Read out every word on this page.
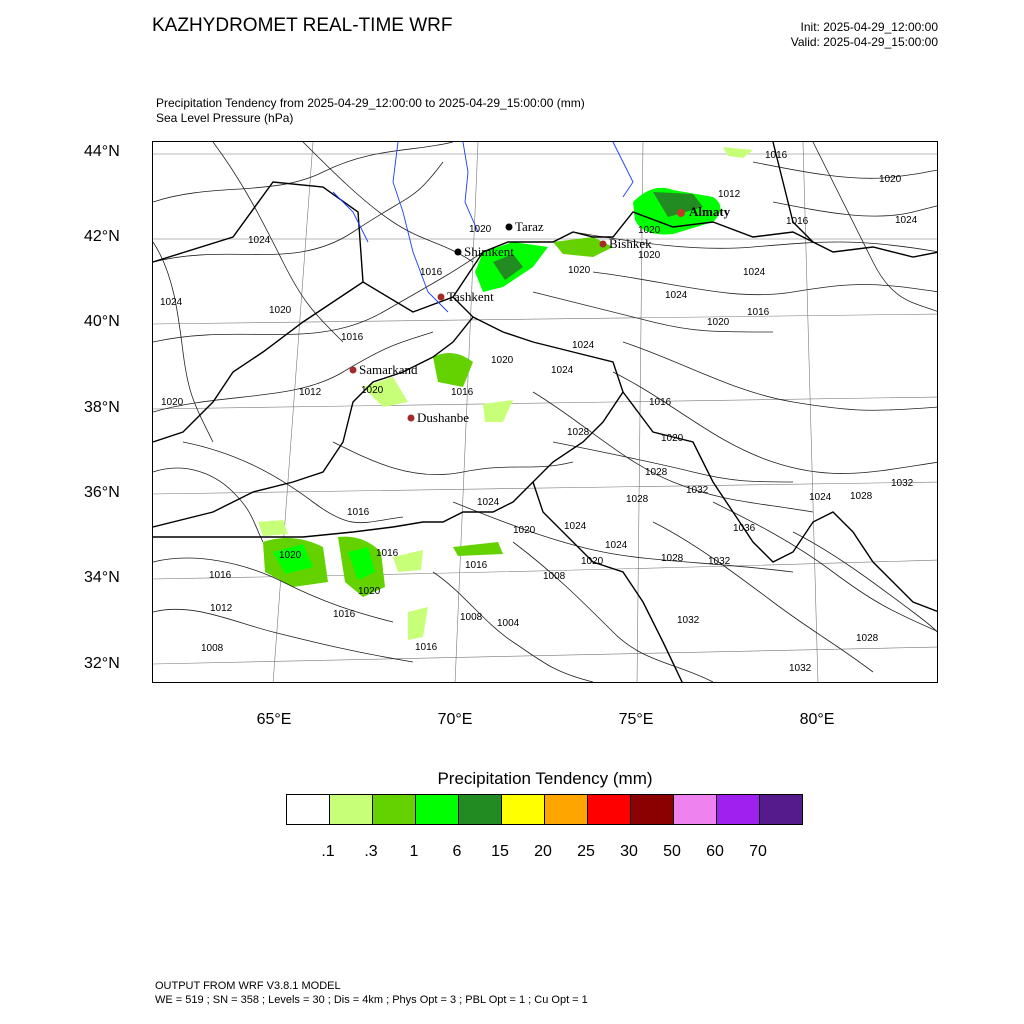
KAZHYDROMET REAL-TIME WRF	Init: 2025-04-29_12:00:00
Valid: 2025-04-29_15:00:00
Precipitation Tendency from 2025-04-29_12:00:00 to 2025-04-29_15:00:00 (mm)
Sea Level Pressure (hPa)
1016
1012
1020
1024
1020
1024
1020
1020
1016
1020
1024
1016
1024
1020
1016
1024
1020
1024
1016
1020
1012
1020
1024
1016
1020
1028
1016
1020
1028
1028
1032
1024 1028
1032
1016
1024
1020	1024	1036
1020	1016
1024
1028 1032
1016
1020
1016
1012
1016
1020
1008
1008
1004
1016
1032
1028
1032
1008
Almaty
Taraz
Shimkent
Bishkek
Tashkent
Samarkand
Dushanbe
44°N
42°N
40°N
38°N
36°N
34°N
32°N
65°E	70°E	75°E	80°E
Precipitation Tendency (mm)
.1	.3	1	6	15	20	25	30	50	60	70
OUTPUT FROM WRF V3.8.1 MODEL
WE = 519 ; SN = 358 ; Levels = 30 ; Dis = 4km ; Phys Opt = 3 ; PBL Opt = 1 ; Cu Opt = 1
